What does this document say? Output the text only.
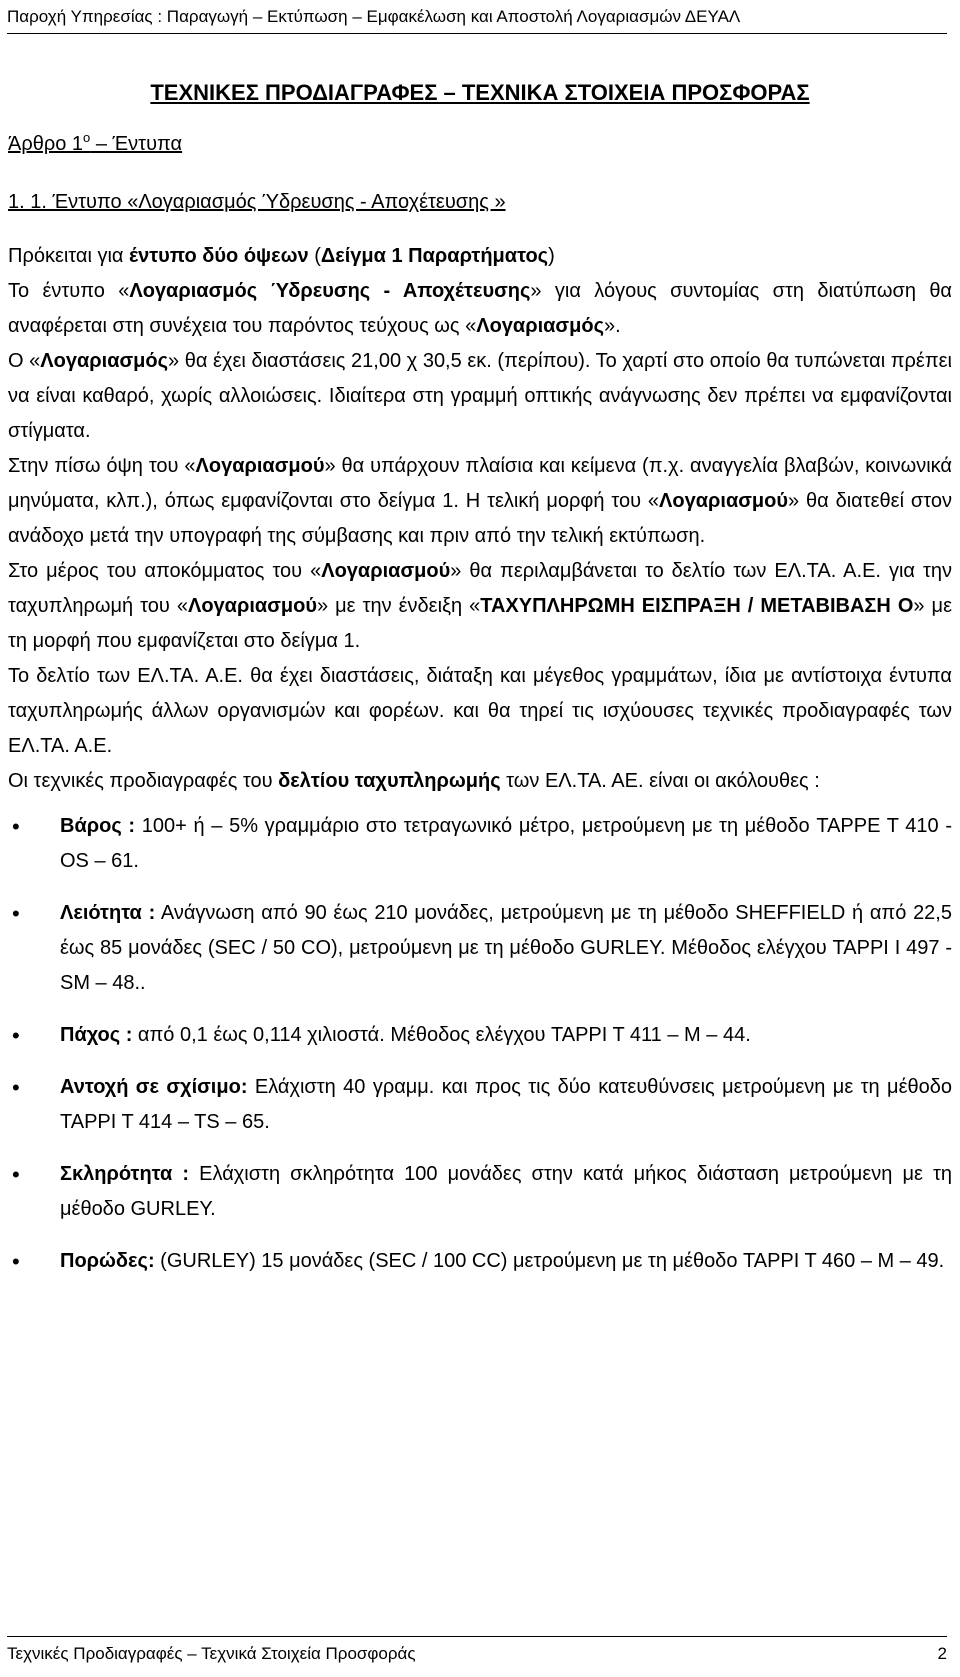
Παροχή Υπηρεσίας : Παραγωγή – Εκτύπωση – Εμφακέλωση και Αποστολή Λογαριασμών ΔΕΥΑΛ

ΤΕΧΝΙΚΕΣ ΠΡΟΔΙΑΓΡΑΦΕΣ – ΤΕΧΝΙΚΑ ΣΤΟΙΧΕΙΑ ΠΡΟΣΦΟΡΑΣ

Άρθρο $1^o$ – Έντυπα

1. 1. Έντυπο «Λογαριασμός Ύδρευσης - Αποχέτευσης »

Πρόκειται για έντυπο δύο όψεων (Δείγμα 1 Παραρτήματος)

Το έντυπο «Λογαριασμός Ύδρευσης - Αποχέτευσης» για λόγους συντομίας στη διατύπωση θα αναφέρεται στη συνέχεια του παρόντος τεύχους ως «Λογαριασμός».

Ο «Λογαριασμός» θα έχει διαστάσεις 21,00 χ 30,5 εκ. (περίπου). Το χαρτί στο οποίο θα τυπώνεται πρέπει να είναι καθαρό, χωρίς αλλοιώσεις. Ιδιαίτερα στη γραμμή οπτικής ανάγνωσης δεν πρέπει να εμφανίζονται στίγματα.

Στην πίσω όψη του «Λογαριασμού» θα υπάρχουν πλαίσια και κείμενα (π.χ. αναγγελία βλαβών, κοινωνικά μηνύματα, κλπ.), όπως εμφανίζονται στο δείγμα 1. Η τελική μορφή του «Λογαριασμού» θα διατεθεί στον ανάδοχο μετά την υπογραφή της σύμβασης και πριν από την τελική εκτύπωση.

Στο μέρος του αποκόμματος του «Λογαριασμού» θα περιλαμβάνεται το δελτίο των ΕΛ.ΤΑ. Α.Ε. για την ταχυπληρωμή του «Λογαριασμού» με την ένδειξη «ΤΑΧΥΠΛΗΡΩΜΗ ΕΙΣΠΡΑΞΗ / ΜΕΤΑΒΙΒΑΣΗ Ο» με τη μορφή που εμφανίζεται στο δείγμα 1.

Το δελτίο των ΕΛ.ΤΑ. Α.Ε. θα έχει διαστάσεις, διάταξη και μέγεθος γραμμάτων, ίδια με αντίστοιχα έντυπα ταχυπληρωμής άλλων οργανισμών και φορέων. και θα τηρεί τις ισχύουσες τεχνικές προδιαγραφές των ΕΛ.ΤΑ. Α.Ε.

Οι τεχνικές προδιαγραφές του δελτίου ταχυπληρωμής των ΕΛ.ΤΑ. ΑΕ. είναι οι ακόλουθες :

• Βάρος : 100+ ή – 5% γραμμάριο στο τετραγωνικό μέτρο, μετρούμενη με τη μέθοδο TAPPE T 410 - OS – 61.
• Λειότητα : Ανάγνωση από 90 έως 210 μονάδες, μετρούμενη με τη μέθοδο SHEFFIELD ή από 22,5 έως 85 μονάδες (SEC / 50 CO), μετρούμενη με τη μέθοδο GURLEY. Μέθοδος ελέγχου TAPPI I 497 - SM – 48..
• Πάχος : από 0,1 έως 0,114 χιλιοστά. Μέθοδος ελέγχου TAPPI T 411 – M – 44.
• Αντοχή σε σχίσιμο: Ελάχιστη 40 γραμμ. και προς τις δύο κατευθύνσεις μετρούμενη με τη μέθοδο TAPPI T 414 – TS – 65.
• Σκληρότητα : Ελάχιστη σκληρότητα 100 μονάδες στην κατά μήκος διάσταση μετρούμενη με τη μέθοδο GURLEY.
• Πορώδες: (GURLEY) 15 μονάδες (SEC / 100 CC) μετρούμενη με τη μέθοδο TAPPI T 460 – M – 49.
Τεχνικές Προδιαγραφές – Τεχνικά Στοιχεία Προσφοράς	2
